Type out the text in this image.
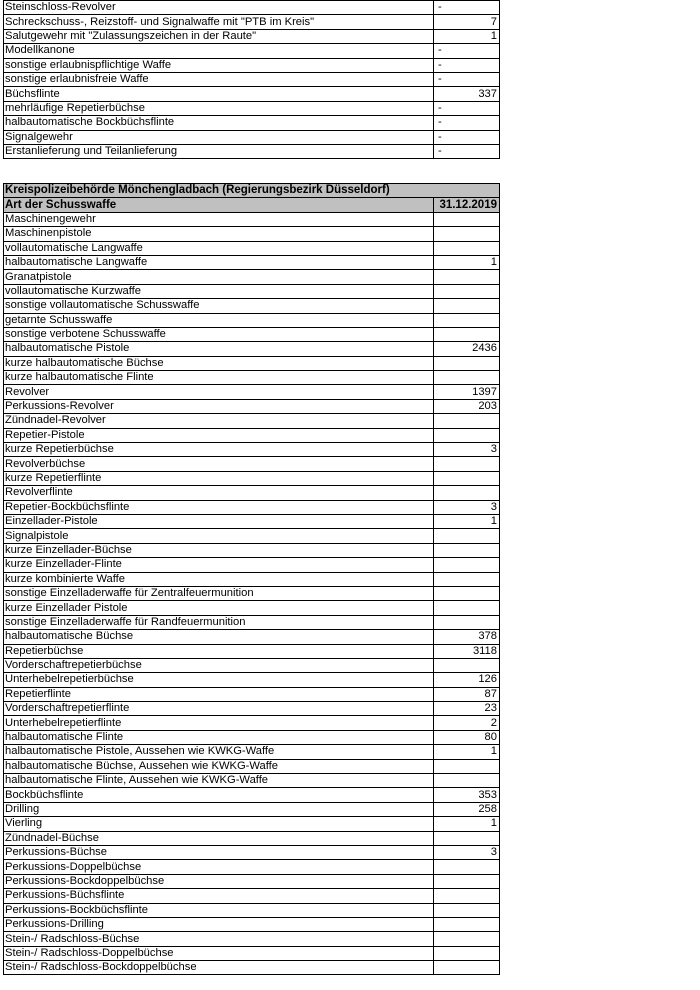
Steinschloss-Revolver	-
Schreckschuss-, Reizstoff- und Signalwaffe mit "PTB im Kreis"	7
Salutgewehr mit "Zulassungszeichen in der Raute"	1
Modellkanone	-
sonstige erlaubnispflichtige Waffe	-
sonstige erlaubnisfreie Waffe	-
Büchsflinte	337
mehrläufige Repetierbüchse	-
halbautomatische Bockbüchsflinte	-
Signalgewehr	-
Erstanlieferung und Teilanlieferung	-
Kreispolizeibehörde Mönchengladbach (Regierungsbezirk Düsseldorf)	
Art der Schusswaffe	31.12.2019
Maschinengewehr	
Maschinenpistole	
vollautomatische Langwaffe	
halbautomatische Langwaffe	1
Granatpistole	
vollautomatische Kurzwaffe	
sonstige vollautomatische Schusswaffe	
getarnte Schusswaffe	
sonstige verbotene Schusswaffe	
halbautomatische Pistole	2436
kurze halbautomatische Büchse	
kurze halbautomatische Flinte	
Revolver	1397
Perkussions-Revolver	203
Zündnadel-Revolver	
Repetier-Pistole	
kurze Repetierbüchse	3
Revolverbüchse	
kurze Repetierflinte	
Revolverflinte	
Repetier-Bockbüchsflinte	3
Einzellader-Pistole	1
Signalpistole	
kurze Einzellader-Büchse	
kurze Einzellader-Flinte	
kurze kombinierte Waffe	
sonstige Einzelladerwaffe für Zentralfeuermunition	
kurze Einzellader Pistole	
sonstige Einzelladerwaffe für Randfeuermunition	
halbautomatische Büchse	378
Repetierbüchse	3118
Vorderschaftrepetierbüchse	
Unterhebelrepetierbüchse	126
Repetierflinte	87
Vorderschaftrepetierflinte	23
Unterhebelrepetierflinte	2
halbautomatische Flinte	80
halbautomatische Pistole, Aussehen wie KWKG-Waffe	1
halbautomatische Büchse, Aussehen wie KWKG-Waffe	
halbautomatische Flinte, Aussehen wie KWKG-Waffe	
Bockbüchsflinte	353
Drilling	258
Vierling	1
Zündnadel-Büchse	
Perkussions-Büchse	3
Perkussions-Doppelbüchse	
Perkussions-Bockdoppelbüchse	
Perkussions-Büchsflinte	
Perkussions-Bockbüchsflinte	
Perkussions-Drilling	
Stein-/ Radschloss-Büchse	
Stein-/ Radschloss-Doppelbüchse	
Stein-/ Radschloss-Bockdoppelbüchse	
